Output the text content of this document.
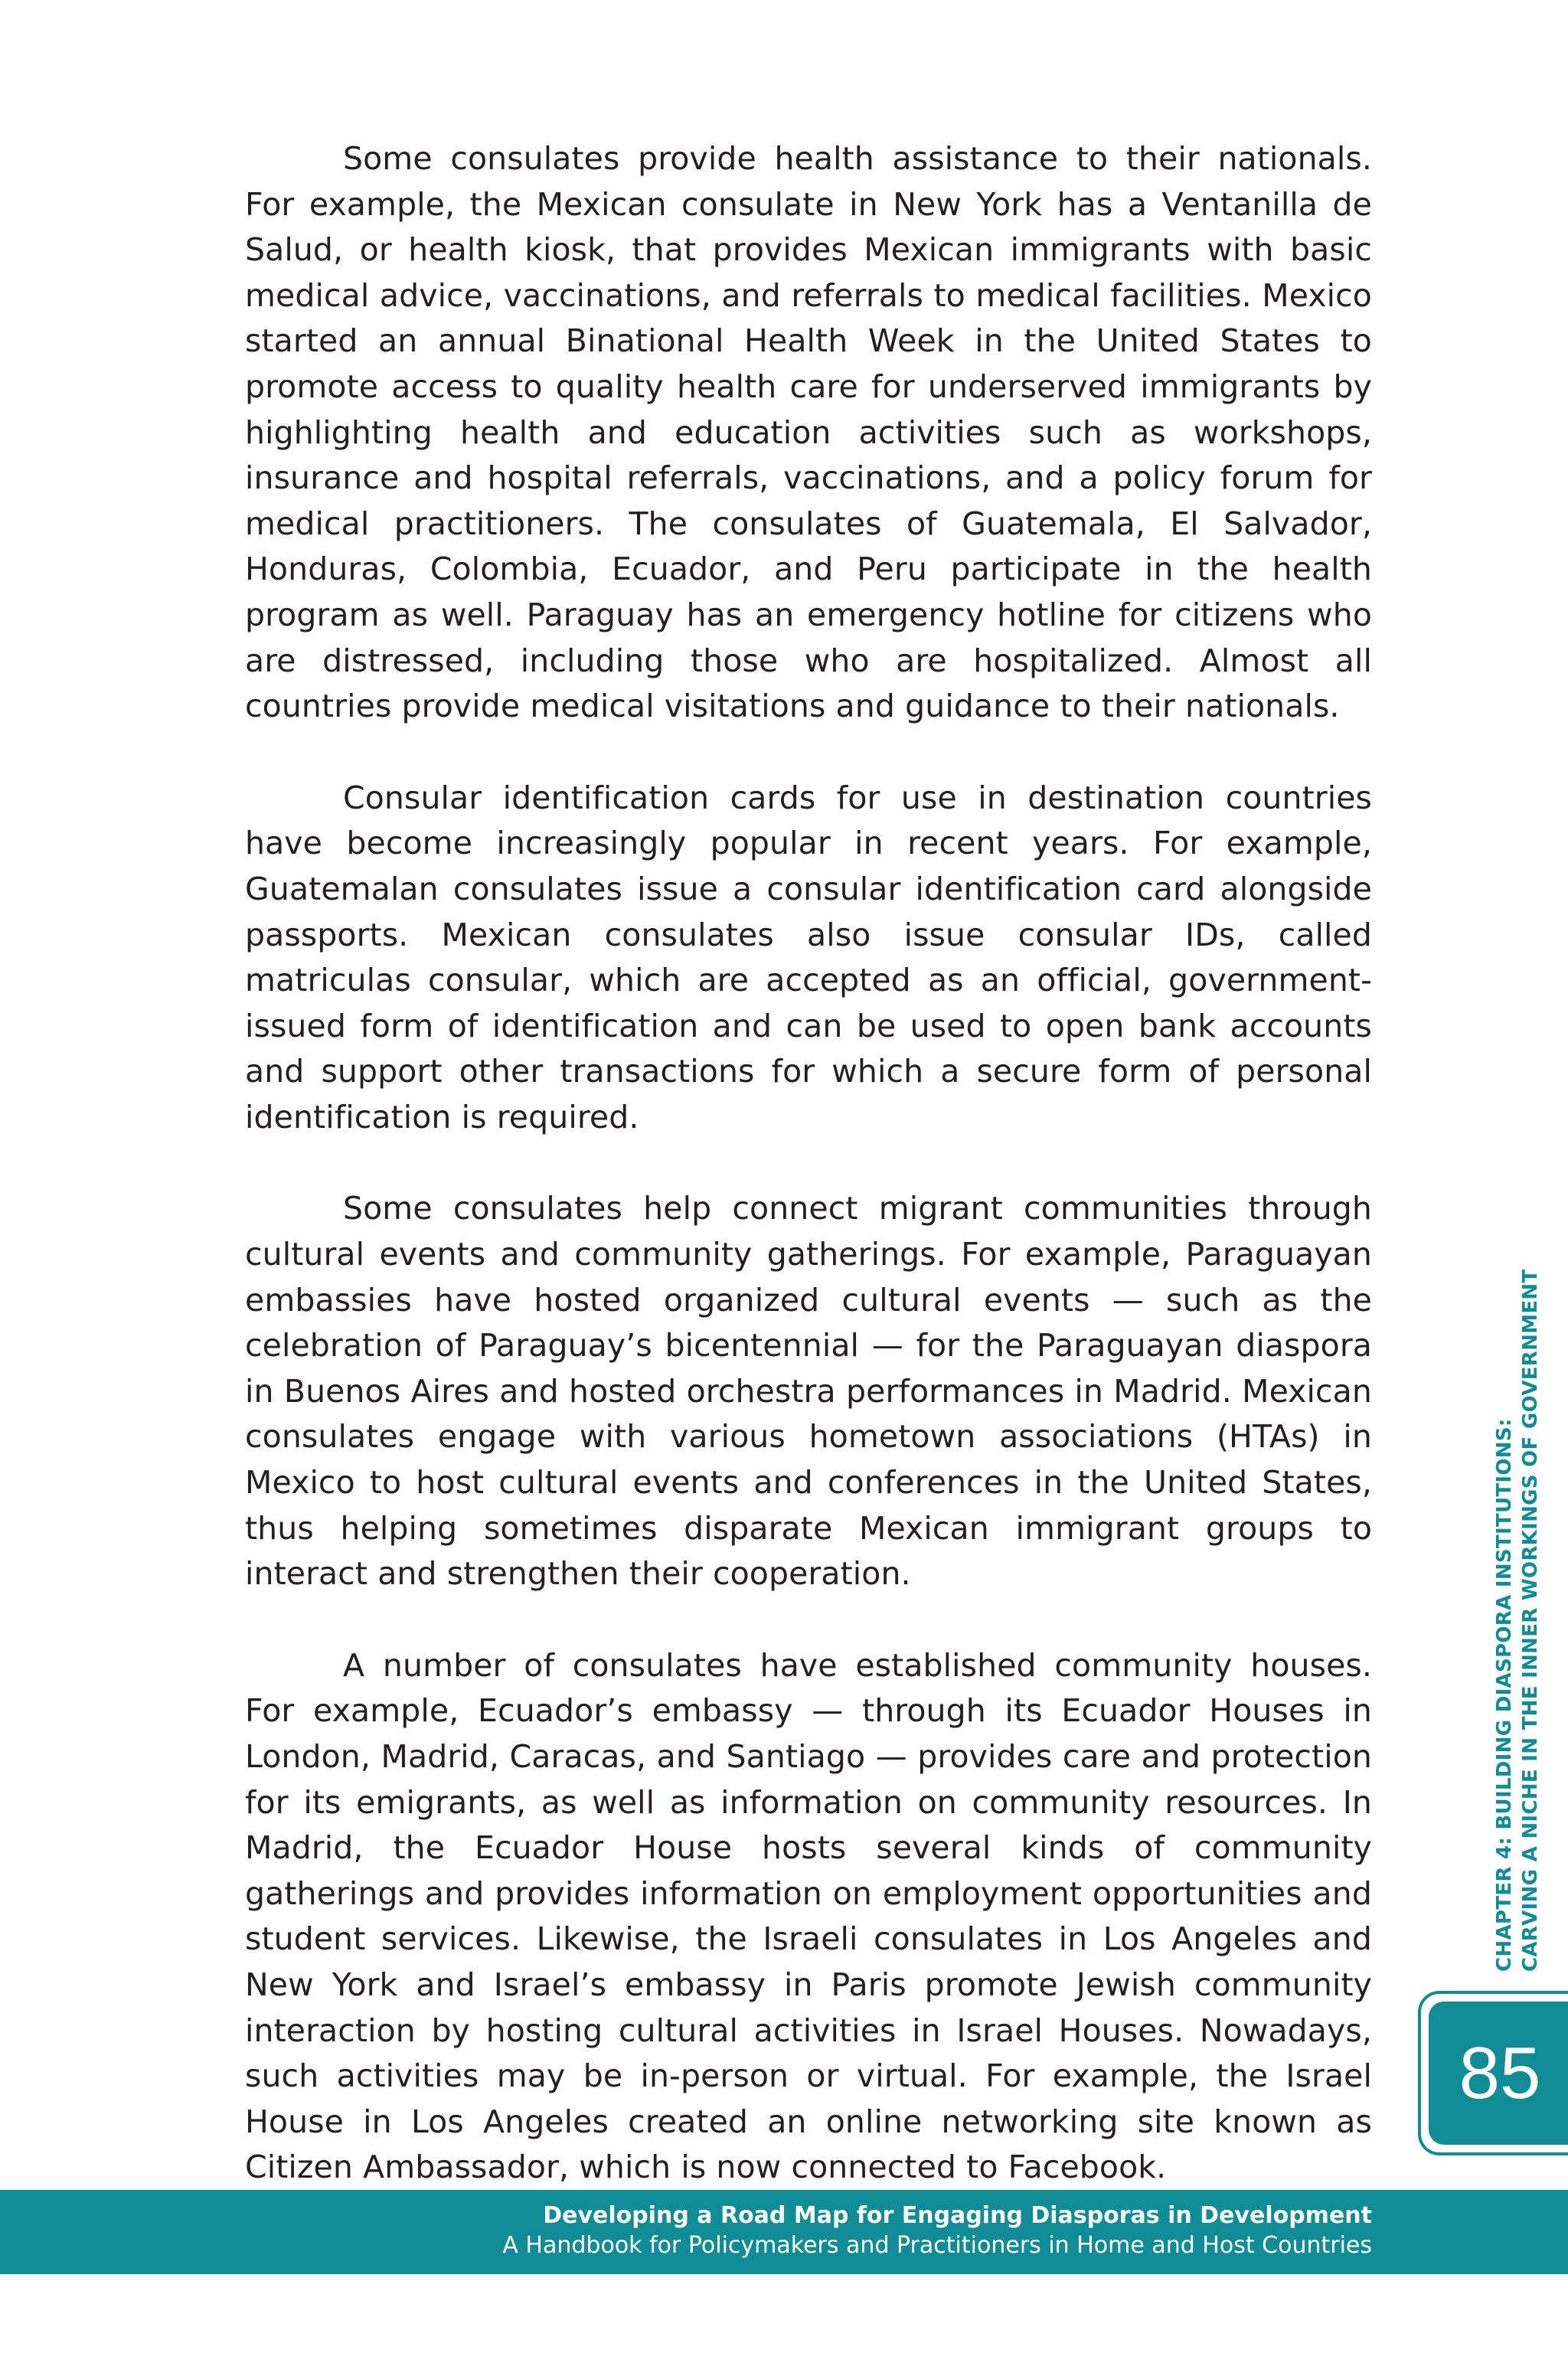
Some consulates provide health assistance to their nationals. For example, the Mexican consulate in New York has a Ventanilla de Salud, or health kiosk, that provides Mexican immigrants with basic medical advice, vaccinations, and referrals to medical facilities. Mexico started an annual Binational Health Week in the United States to promote access to quality health care for underserved immigrants by highlighting health and education activities such as workshops, insurance and hospital referrals, vaccinations, and a policy forum for medical practitioners. The consulates of Guatemala, El Salvador, Honduras, Colombia, Ecuador, and Peru participate in the health program as well. Paraguay has an emergency hotline for citizens who are distressed, including those who are hospitalized. Almost all countries provide medical visitations and guidance to their nationals.

Consular identification cards for use in destination countries have become increasingly popular in recent years. For example, Guatemalan consulates issue a consular identification card alongside passports. Mexican consulates also issue consular IDs, called matriculas consular, which are accepted as an official, government-issued form of identification and can be used to open bank accounts and support other transactions for which a secure form of personal identification is required.

Some consulates help connect migrant communities through cultural events and community gatherings. For example, Paraguayan embassies have hosted organized cultural events — such as the celebration of Paraguay’s bicentennial — for the Paraguayan diaspora in Buenos Aires and hosted orchestra performances in Madrid. Mexican consulates engage with various hometown associations (HTAs) in Mexico to host cultural events and conferences in the United States, thus helping sometimes disparate Mexican immigrant groups to interact and strengthen their cooperation.

A number of consulates have established community houses. For example, Ecuador’s embassy — through its Ecuador Houses in London, Madrid, Caracas, and Santiago — provides care and protection for its emigrants, as well as information on community resources. In Madrid, the Ecuador House hosts several kinds of community gatherings and provides information on employment opportunities and student services. Likewise, the Israeli consulates in Los Angeles and New York and Israel’s embassy in Paris promote Jewish community interaction by hosting cultural activities in Israel Houses. Nowadays, such activities may be in-person or virtual. For example, the Israel House in Los Angeles created an online networking site known as Citizen Ambassador, which is now connected to Facebook.

CHAPTER 4: BUILDING DIASPORA INSTITUTIONS: CARVING A NICHE IN THE INNER WORKINGS OF GOVERNMENT
85
Developing a Road Map for Engaging Diasporas in Development
A Handbook for Policymakers and Practitioners in Home and Host Countries
